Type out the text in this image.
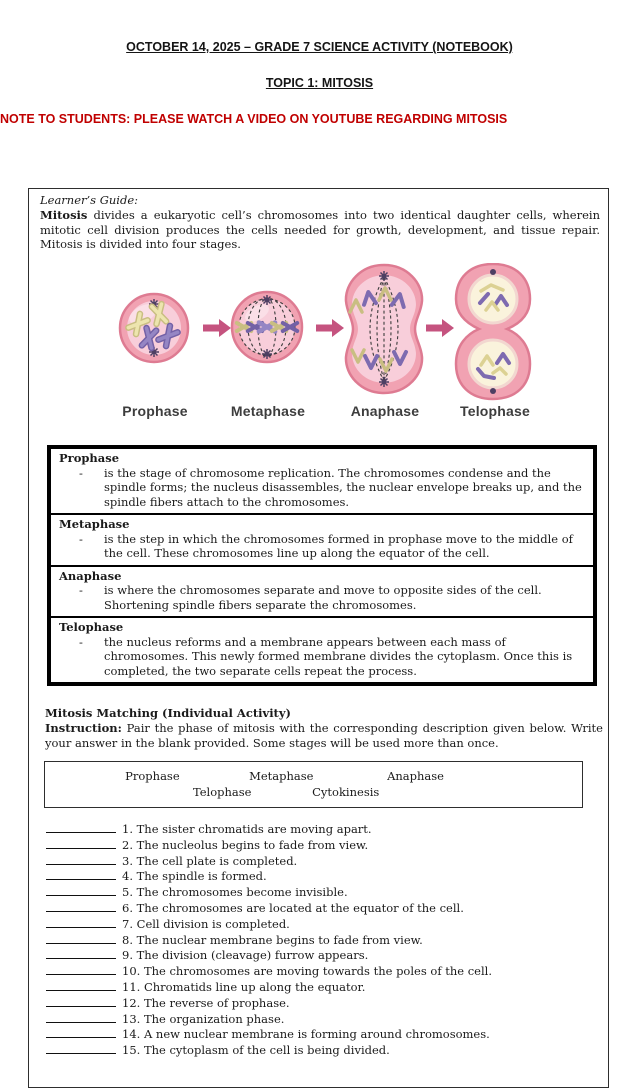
OCTOBER 14, 2025 – GRADE 7 SCIENCE ACTIVITY (NOTEBOOK)
TOPIC 1: MITOSIS
NOTE TO STUDENTS: PLEASE WATCH A VIDEO ON YOUTUBE REGARDING MITOSIS
Learner’s Guide:

Mitosis divides a eukaryotic cell’s chromosomes into two identical daughter cells, wherein mitotic cell division produces the cells needed for growth, development, and tissue repair. Mitosis is divided into four stages.

Prophase	Metaphase	Anaphase	Telophase
Prophase
- is the stage of chromosome replication. The chromosomes condense and the spindle forms; the nucleus disassembles, the nuclear envelope breaks up, and the spindle fibers attach to the chromosomes.
Metaphase
- is the step in which the chromosomes formed in prophase move to the middle of the cell. These chromosomes line up along the equator of the cell.
Anaphase
- is where the chromosomes separate and move to opposite sides of the cell. Shortening spindle fibers separate the chromosomes.
Telophase
- the nucleus reforms and a membrane appears between each mass of chromosomes. This newly formed membrane divides the cytoplasm. Once this is completed, the two separate cells repeat the process.
Mitosis Matching (Individual Activity)
Instruction: Pair the phase of mitosis with the corresponding description given below. Write your answer in the blank provided. Some stages will be used more than once.
Prophase	Metaphase	Anaphase
Telophase	Cytokinesis
1. The sister chromatids are moving apart.
2. The nucleolus begins to fade from view.
3. The cell plate is completed.
4. The spindle is formed.
5. The chromosomes become invisible.
6. The chromosomes are located at the equator of the cell.
7. Cell division is completed.
8. The nuclear membrane begins to fade from view.
9. The division (cleavage) furrow appears.
10. The chromosomes are moving towards the poles of the cell.
11. Chromatids line up along the equator.
12. The reverse of prophase.
13. The organization phase.
14. A new nuclear membrane is forming around chromosomes.
15. The cytoplasm of the cell is being divided.
